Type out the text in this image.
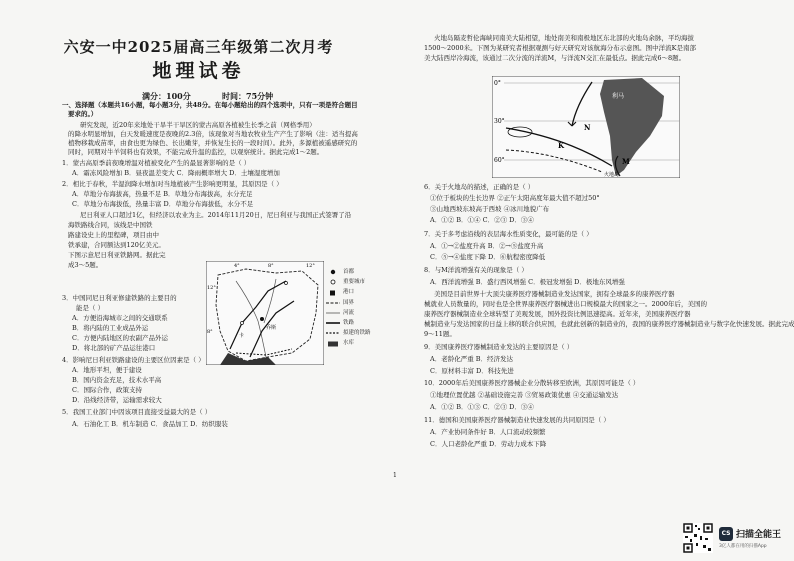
六安一中2025届高三年级第二次月考
地理试卷
满分：100分	时间：75分钟
一、选择题（本题共16小题，每小题3分，共48分。在每小题给出的四个选项中，只有一项是符合题目
要求的。）
研究发现，近20年来地处干旱半干旱区的蒙古高原各植被生长季之前（网格季用）
的降水明显增加，白天发暖速度是夜晚的2.3倍，该现象对当地农牧业生产产生了影响（注：适当提高
植物移栽成苗率，由食也更为绿色、长出嫩芽，并恢复生长的一段时间）。此外，多源植被遥感研究的
同时，同期对牛羊饲料也有效果，不能完成升温的监控，以观察统计。据此完成1～2题。
1．蒙古高原季前夜晚增温对植被变化产生的最显著影响的是（ ）
A．霜冻风险增加 B．昼夜温差变大 C．降雨概率增大 D．土壤湿度增加
2．相比于春秋，半湿润降水增加对当地植被产生影响更明显，其原因是（ ）
A．草地分布海拔高，热量不足 B．草地分布海拔高，水分充足
C．草地分布海拔低，热量丰富 D．草地分布海拔低，水分不足
尼日利亚人口超过1亿，但经济以农业为主。2014年11月20日，尼日利亚与我国正式签署了沿
海铁路线合同，该线是中国铁
路建设史上的里程碑，项目由中
铁承建，合同额达到120亿美元。
下图示意尼日利亚铁路网。据此完
成3～5题。
3．中国同尼日利亚修建铁路的主要目的
能是（ ）
A．方便沿海城市之间的交通联系
B．将内陆的工业成品外运
C．方便内陆地区的农副产品外运
D．将北部的矿产品运往港口
4．影响尼日利亚铁路建设的主要区位因素是（ ）
A．地形平坦，便于建设
B．国内资金充足，技术水平高
C．国际合作，政策支持
D．沿线经济带，运输需求较大
5．我国工业部门中因该项目直接受益最大的是（ ）
A．石油化工 B．机车制造 C．食品加工 D．纺织服装
火地岛隔麦哲伦海峡同南美大陆相望，地处南美和南极地区东北部的火地岛余脉，平均海拔
1500～2000米。下图为某研究者根据观测与好天研究对该航海分布示意图。图中洋流K是南部
美大陆西岸冷海流，该通过二次分流的洋流M，与洋流N交汇在最低点。据此完成6～8题。
6．关于火地岛的描述，正确的是（ ）
①位于板块的生长边界 ②正午太阳高度年最大值不超过50°
③山地西坡东坡高于西坡 ④冰川地貌广布
A．①② B．①④ C．②③ D．③④
7．关于多考虑沿线的表层海水性质变化，最可能的是（ ）
A．①→②盐度升高 B．②→⑤盐度升高
C．⑤→④盐度下降 D．⑥航程密度降低
8．与M洋流增强有关的现象是（ ）
A．西洋流增强 B．盛行西风增强 C．极冠发增强 D．极地东风增强
美国是目前世界十大顶尖康养医疗器械制造业发达国家，拥有全球最多的康养医疗器
械就业人员数量的，同时也是全世界康养医疗器械进出口规模最大的国家之一。2000年后，美国的
康养医疗器械制造业全球转型了美观发展，国外投资比例迅速提高。近年来，美国康养医疗器
械制造业与发达国家的日益上移的联合供应国，也就此创新的制造业的，我国的康养医疗器械制造业与数字化快速发展。据此完成
9～11题。
9．美国康养医疗器械制造业发达的主要原因是（ ）
A．老龄化严重 B．经济发达
C．原材料丰富 D．科技先进
10．2000年后美国康养医疗器械企业分散转移至欧洲，其原因可能是（ ）
①地理位置优越 ②基础设施完善 ③贸易政策优惠 ④交通运输发达
A．①② B．①③ C．②③ D．③④
11．德国和美国康养医疗器械制造业快速发展的共同原因是（ ）
A．产业协同条件好 B．人口流动较频繁
C．人口老龄化严重 D．劳动力成本下降
4°	8°	12°
12°
8°
乔斯
卡
首都
重要城市
港口
国界
河流
铁路
拟建的铁路
水库
0°
30°
60°
利马
K
N
M
火地岛
1
CS 扫描全能王
3亿人都在用的扫描App
